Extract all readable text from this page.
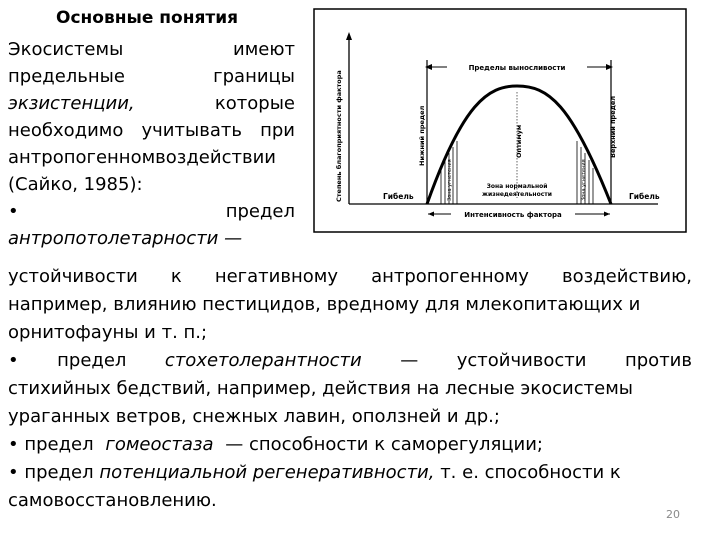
Основные понятия
Экосистемы	имеют
предельные	границы
экзистенции,	которые
необходимо учитывать при
антропогенномвоздействии
(Сайко, 1985):
•	предел
антропотолетарности —
Степень благоприятности фактора	Гибель	Гибель
Интенсивность фактора
Пределы выносливости
Нижний предел	Оптимум	Верхний предел
Зона угнетения	Зона угнетения
Зона нормальной
жизнедеятельности
устойчивости к негативному антропогенному воздействию,
например, влиянию пестицидов, вредному для млекопитающих и
орнитофауны и т. п.;
• предел стохетолерантности — устойчивости против
стихийных бедствий, например, действия на лесные экосистемы
ураганных ветров, снежных лавин, оползней и др.;
• предел гомеостаза — способности к саморегуляции;
• предел потенциальной регенеративности, т. е. способности к
самовосстановлению.
20
